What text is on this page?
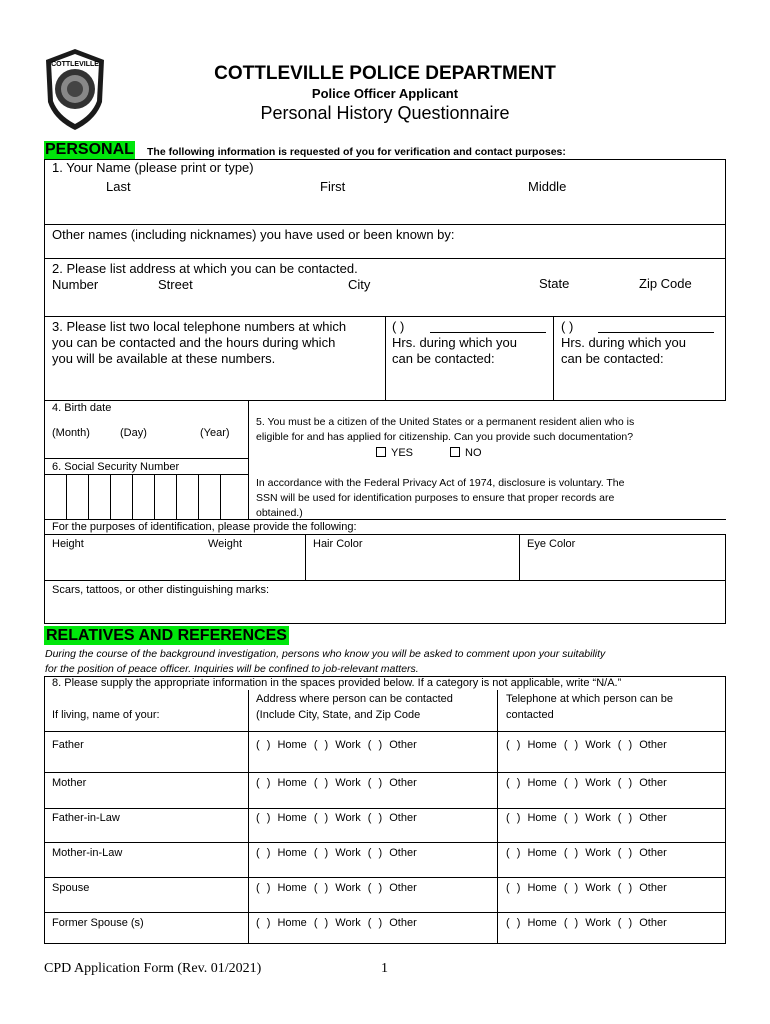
COTTLEVILLE	COTTLEVILLE POLICE DEPARTMENT
Police Officer Applicant
Personal History Questionnaire
PERSONAL The following information is requested of you for verification and contact purposes:
1. Your Name (please print or type)
Last	First	Middle
Other names (including nicknames) you have used or been known by:
2. Please list address at which you can be contacted.
Number	Street	City	State	Zip Code
3. Please list two local telephone numbers at which
you can be contacted and the hours during which
you will be available at these numbers.
( )
Hrs. during which you
can be contacted:
( )
Hrs. during which you
can be contacted:
4. Birth date
(Month)	(Day)	(Year)
5. You must be a citizen of the United States or a permanent resident alien who is
eligible for and has applied for citizenship. Can you provide such documentation?
YES	NO
6. Social Security Number
In accordance with the Federal Privacy Act of 1974, disclosure is voluntary. The
SSN will be used for identification purposes to ensure that proper records are
obtained.)
For the purposes of identification, please provide the following:
Height	Weight	Hair Color	Eye Color
Scars, tattoos, or other distinguishing marks:
RELATIVES AND REFERENCES
During the course of the background investigation, persons who know you will be asked to comment upon your suitability
for the position of peace officer. Inquiries will be confined to job-relevant matters.
8. Please supply the appropriate information in the spaces provided below. If a category is not applicable, write “N/A.”
If living, name of your:
Address where person can be contacted
(Include City, State, and Zip Code
Telephone at which person can be
contacted
Father	( ) Home ( ) Work ( ) Other	( ) Home ( ) Work ( ) Other
Mother	( ) Home ( ) Work ( ) Other	( ) Home ( ) Work ( ) Other
Father-in-Law	( ) Home ( ) Work ( ) Other	( ) Home ( ) Work ( ) Other
Mother-in-Law	( ) Home ( ) Work ( ) Other	( ) Home ( ) Work ( ) Other
Spouse	( ) Home ( ) Work ( ) Other	( ) Home ( ) Work ( ) Other
Former Spouse (s)	( ) Home ( ) Work ( ) Other	( ) Home ( ) Work ( ) Other
CPD Application Form (Rev. 01/2021)	1
